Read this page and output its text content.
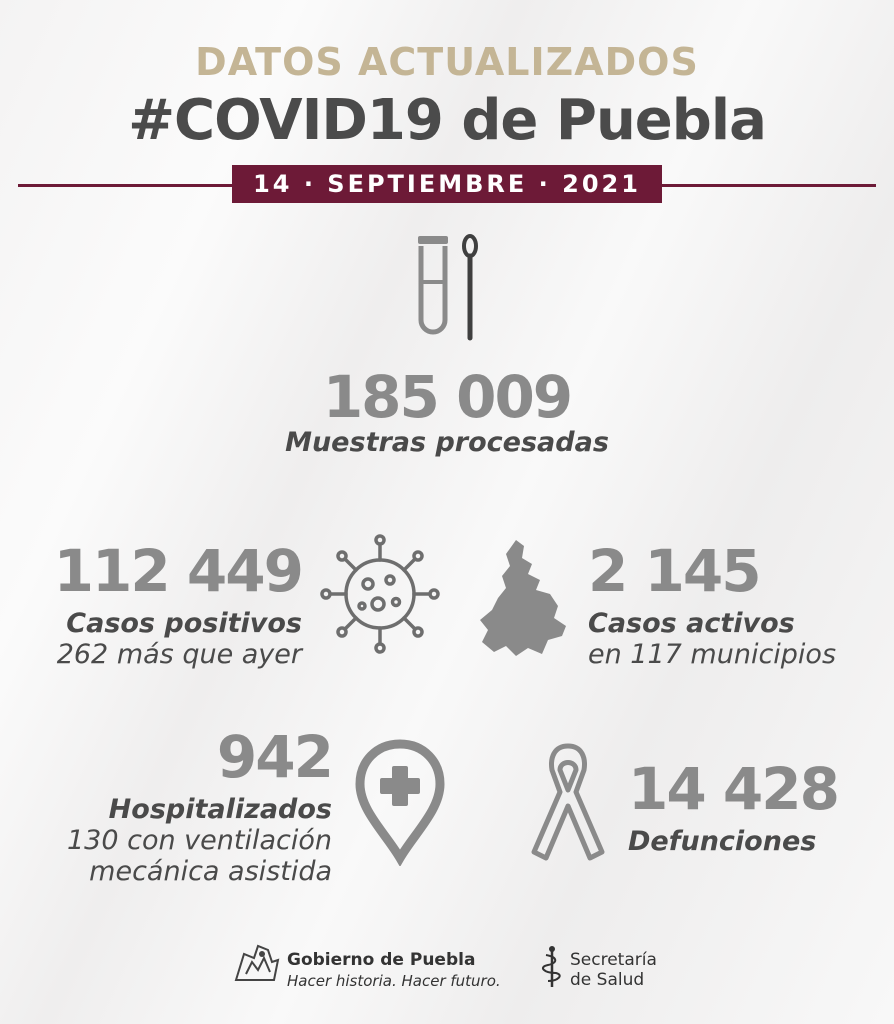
DATOS ACTUALIZADOS
#COVID19 de Puebla
14 · SEPTIEMBRE · 2021
185 009
Muestras procesadas
112 449
Casos positivos
262 más que ayer
2 145
Casos activos
en 117 municipios
942
Hospitalizados
130 con ventilación
mecánica asistida
14 428
Defunciones
Gobierno de Puebla
Hacer historia. Hacer futuro.
Secretaría
de Salud
